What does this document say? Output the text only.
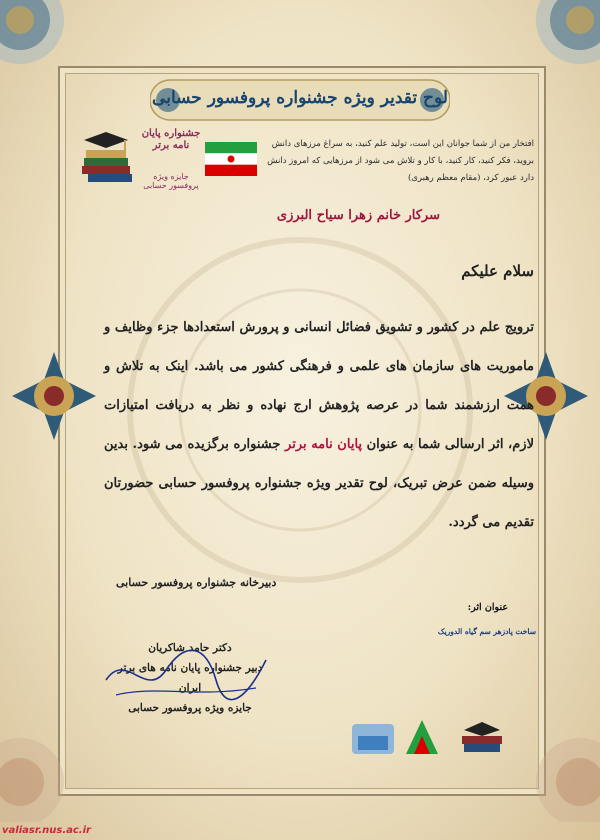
لوح تقدیر ویژه جشنواره پروفسور حسابی
جشنواره پایان نامه برتر
جایزه ویژه پروفسور حسابی
افتخار من از شما جوانان این است، تولید علم کنید، به سراغ مرزهای دانش بروید، فکر کنید، کار کنید، با کار و تلاش می شود از مرزهایی که امروز دانش دارد عبور کرد، (مقام معظم رهبری)
سرکار خانم زهرا سیاح البرزی
سلام علیکم
ترویج علم در کشور و تشویق فضائل انسانی و پرورش استعدادها جزء وظایف و ماموریت های سازمان های علمی و فرهنگی کشور می باشد. اینک به تلاش و همت ارزشمند شما در عرصه پژوهش ارج نهاده و نظر به دریافت امتیازات لازم، اثر ارسالی شما به عنوان پایان نامه برتر جشنواره برگزیده می شود. بدین وسیله ضمن عرض تبریک، لوح تقدیر ویژه جشنواره پروفسور حسابی حضورتان تقدیم می گردد.
دبیرخانه جشنواره پروفسور حسابی
عنوان اثر:
ساخت پادزهر سم گیاه الدوریک
دکتر حامد شاکریان
دبیر جشنواره پایان نامه های برتر ایران
جایزه ویژه پروفسور حسابی
valiasr.nus.ac.ir
